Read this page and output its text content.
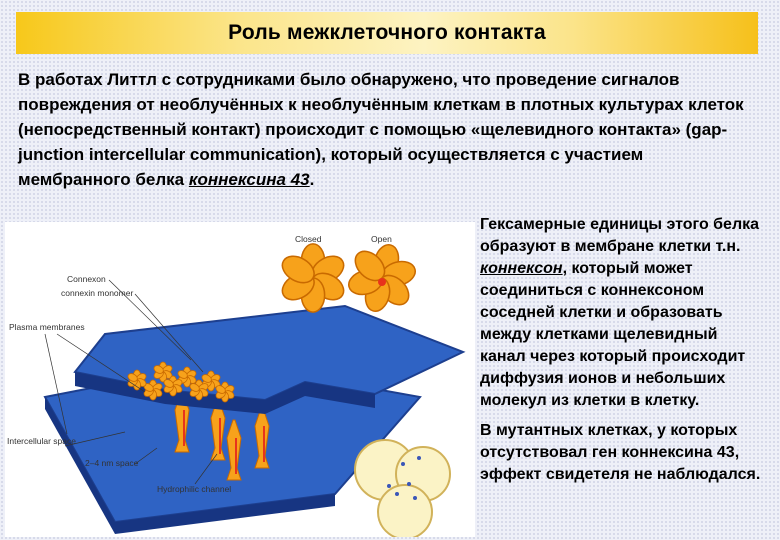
Роль межклеточного контакта
В работах Литтл с сотрудниками было обнаружено, что проведение сигналов повреждения от необлучённых к необлучённым клеткам в плотных культурах клеток (непосредственный контакт) происходит с помощью «щелевидного контакта» (gap-junction intercellular communication), который осуществляется с участием мембранного белка коннексина 43.
Closed	Open
Connexon
connexin monomer
Plasma membranes
Intercellular space
2–4 nm space
Hydrophilic channel

Гексамерные единицы этого белка образуют в мембране клетки т.н. коннексон, который может соединиться с коннексоном соседней клетки и образовать между клетками щелевидный канал через который происходит диффузия ионов и небольших молекул из клетки в клетку.

В мутантных клетках, у которых отсутствовал ген коннексина 43, эффект свидетеля не наблюдался.
